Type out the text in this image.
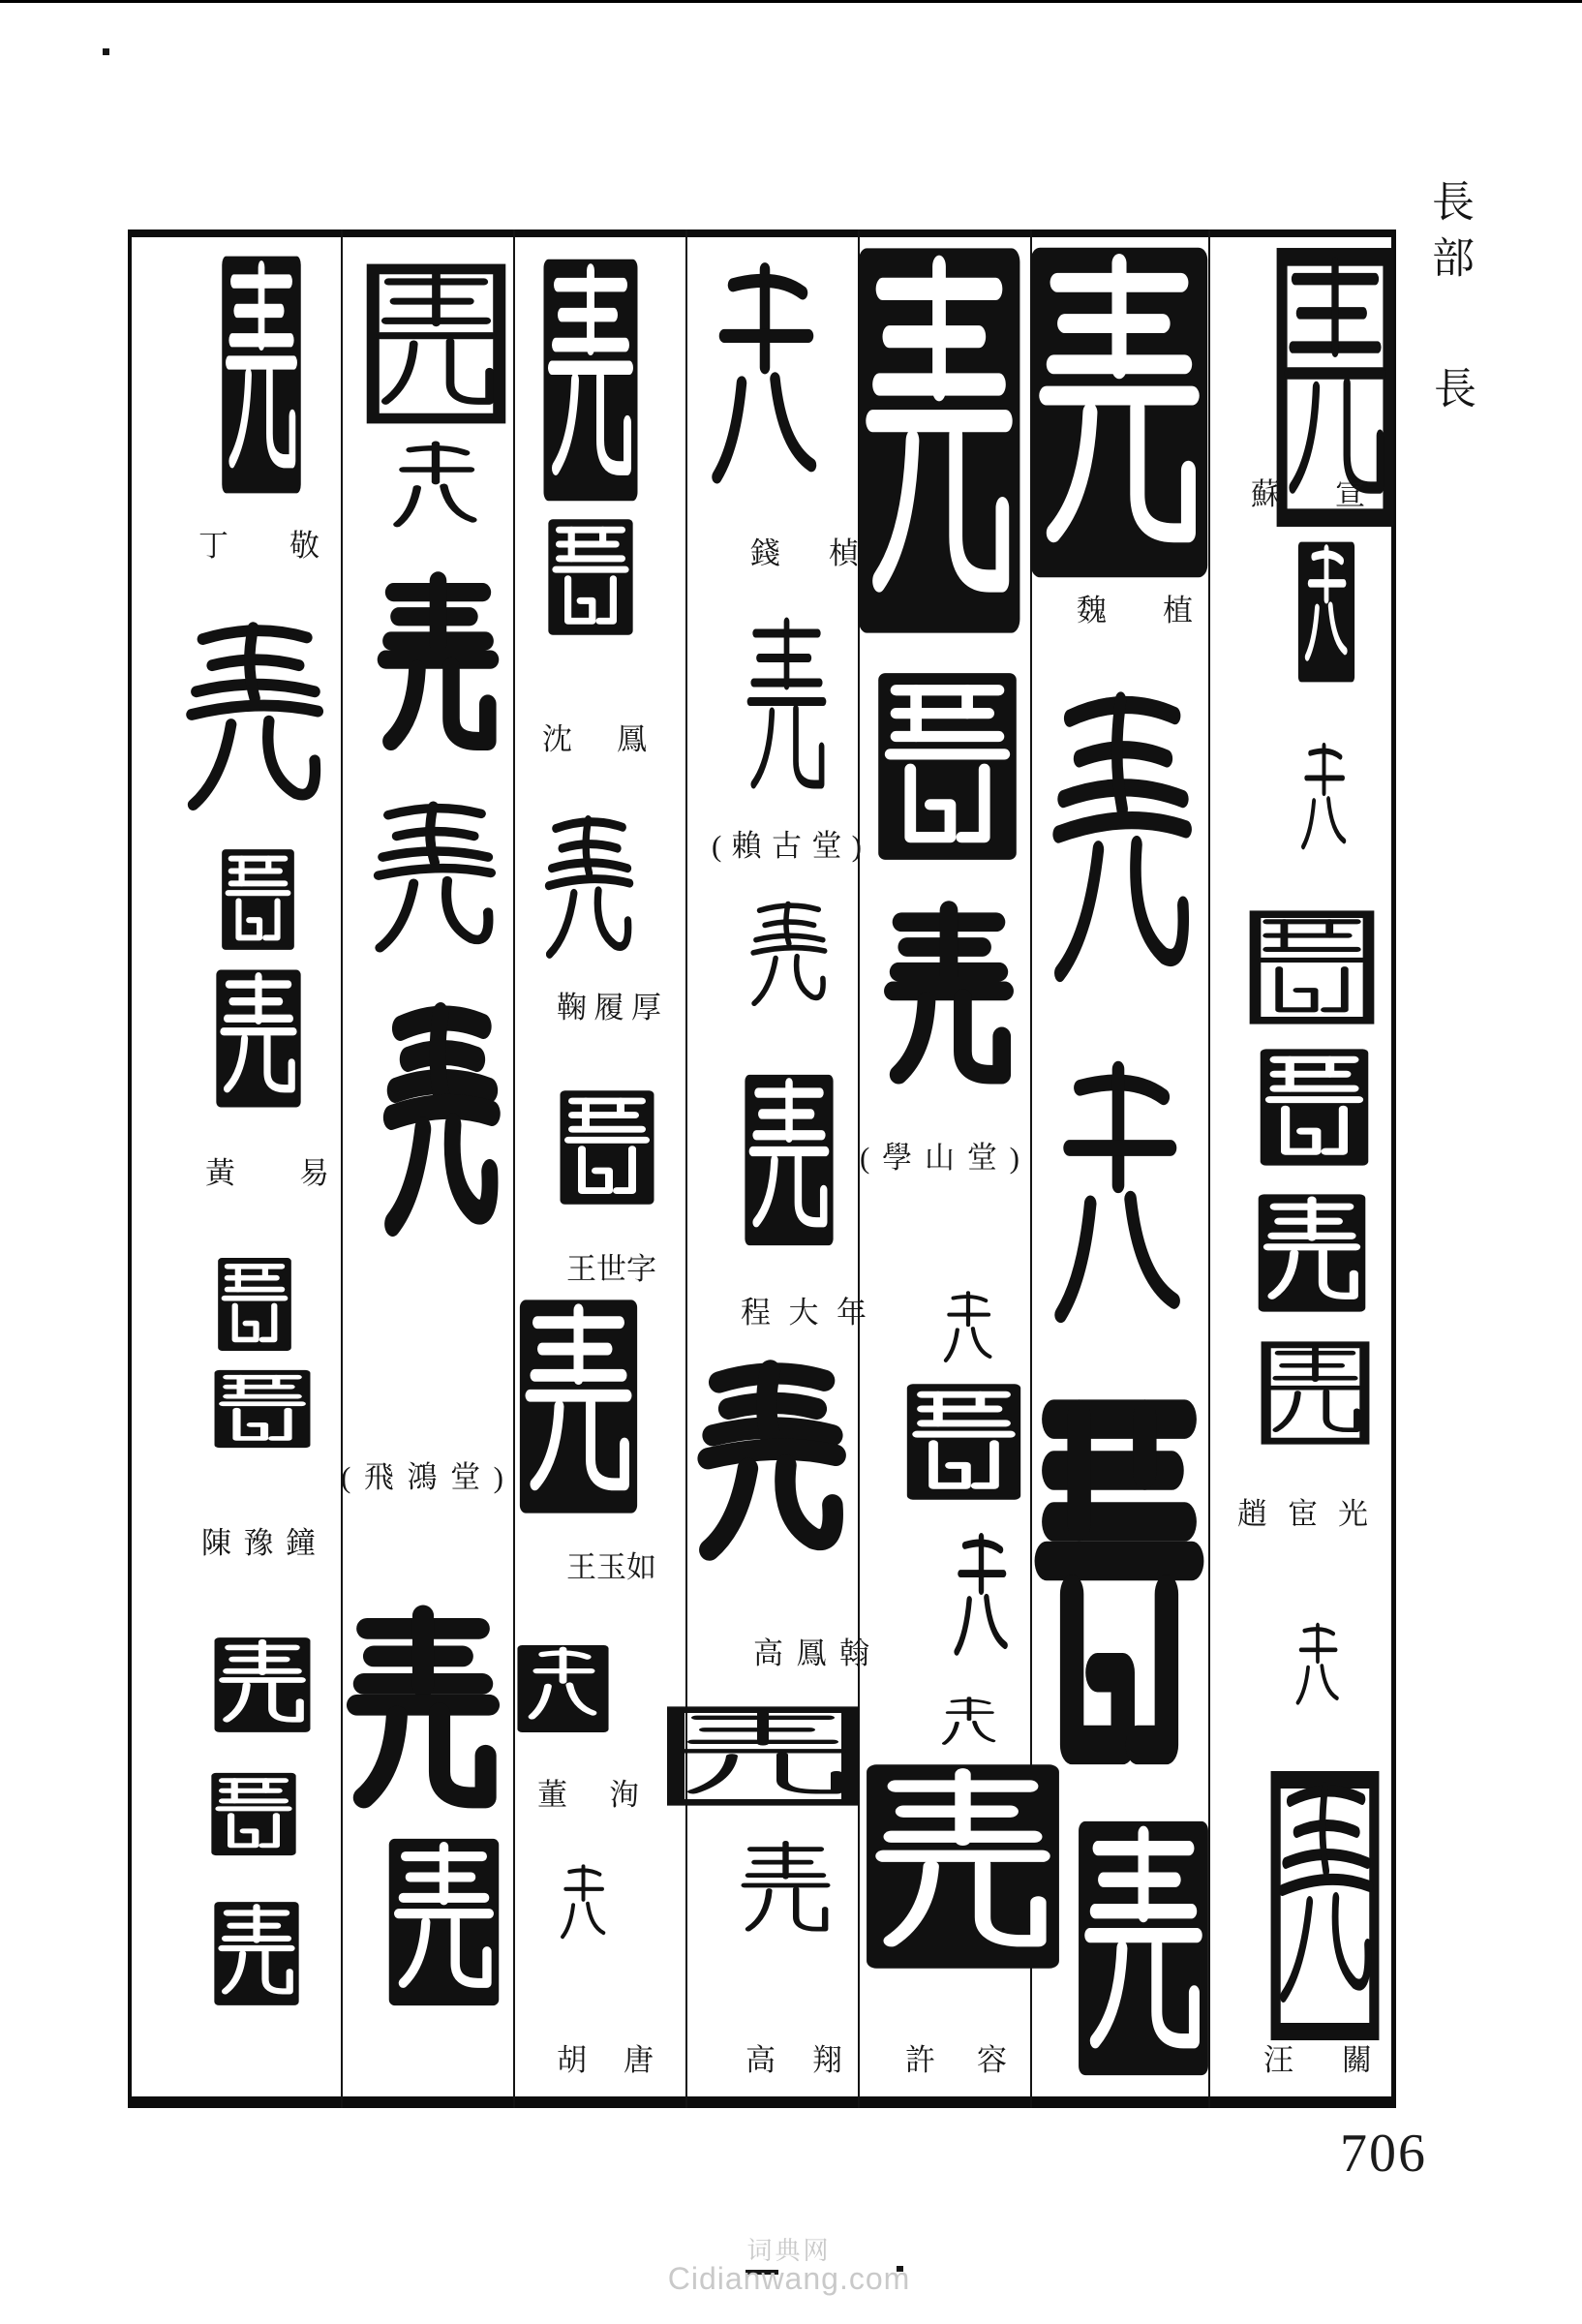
丁 敬
黃 易
陳 豫 鐘
( 飛 鴻 堂 )
沈 鳳
鞠 履 厚
王 世 字
王 玉 如
董 洵
胡 唐
錢 楨
( 賴 古 堂 )
程 大 年
高 鳳 翰
高 翔
( 學 山 堂 )
許 容
魏 植
蘇 宣
趙 宦 光
汪 關
長部
長
706
词典网
Cidianwang.com
